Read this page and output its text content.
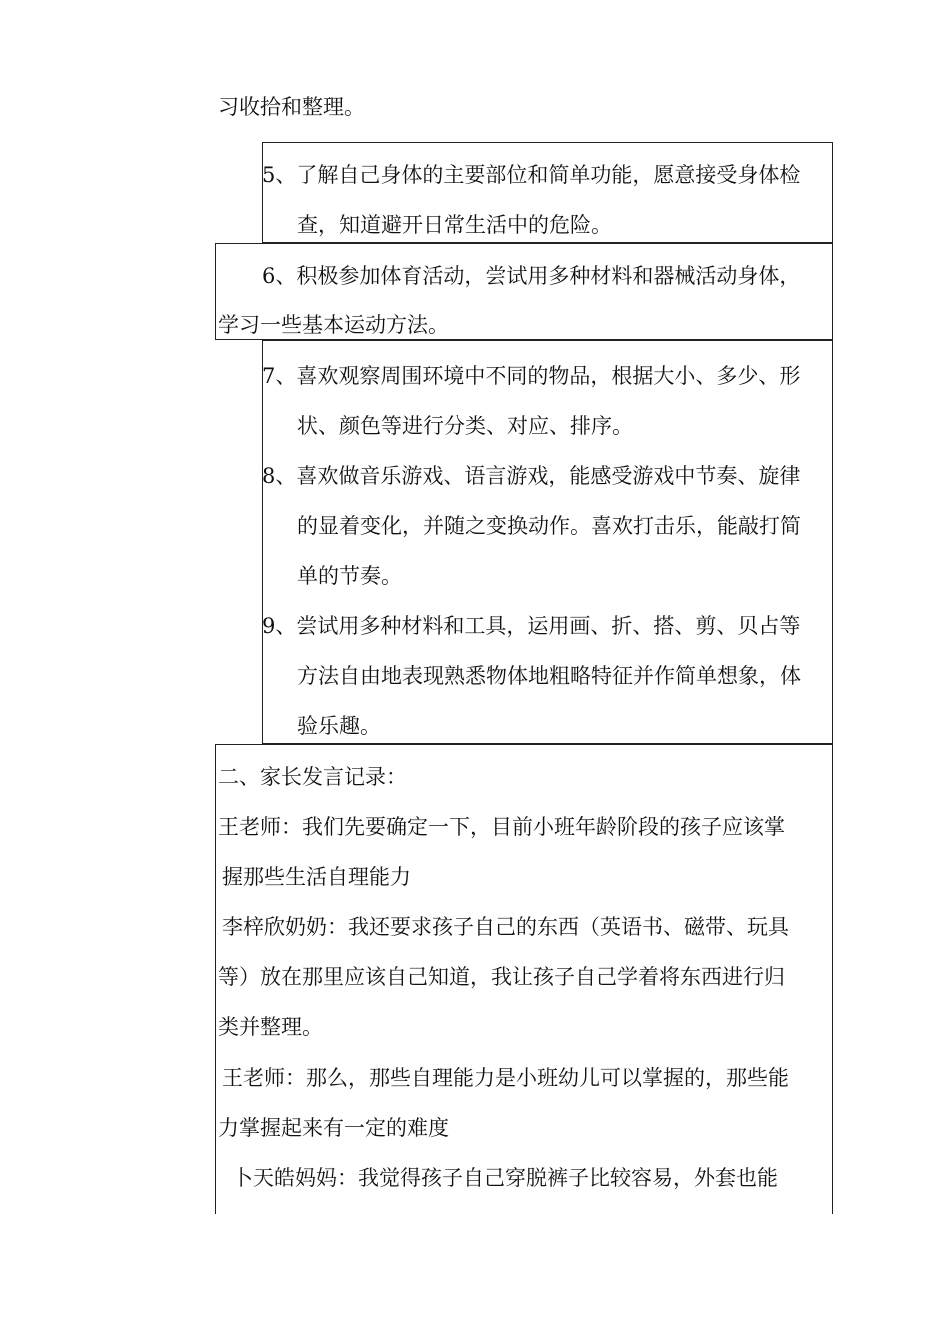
习收拾和整理。
5、了解自己身体的主要部位和简单功能，愿意接受身体检
查，知道避开日常生活中的危险。
6、积极参加体育活动，尝试用多种材料和器械活动身体，
学习一些基本运动方法。
7、喜欢观察周围环境中不同的物品，根据大小、多少、形
状、颜色等进行分类、对应、排序。
8、喜欢做音乐游戏、语言游戏，能感受游戏中节奏、旋律
的显着变化，并随之变换动作。喜欢打击乐，能敲打简
单的节奏。
9、尝试用多种材料和工具，运用画、折、搭、剪、贝占等
方法自由地表现熟悉物体地粗略特征并作简单想象，体
验乐趣。
二、家长发言记录：
王老师：我们先要确定一下，目前小班年龄阶段的孩子应该掌
握那些生活自理能力
李梓欣奶奶：我还要求孩子自己的东西（英语书、磁带、玩具
等）放在那里应该自己知道，我让孩子自己学着将东西进行归
类并整理。
王老师：那么，那些自理能力是小班幼儿可以掌握的，那些能
力掌握起来有一定的难度
卜天皓妈妈：我觉得孩子自己穿脱裤子比较容易，外套也能
